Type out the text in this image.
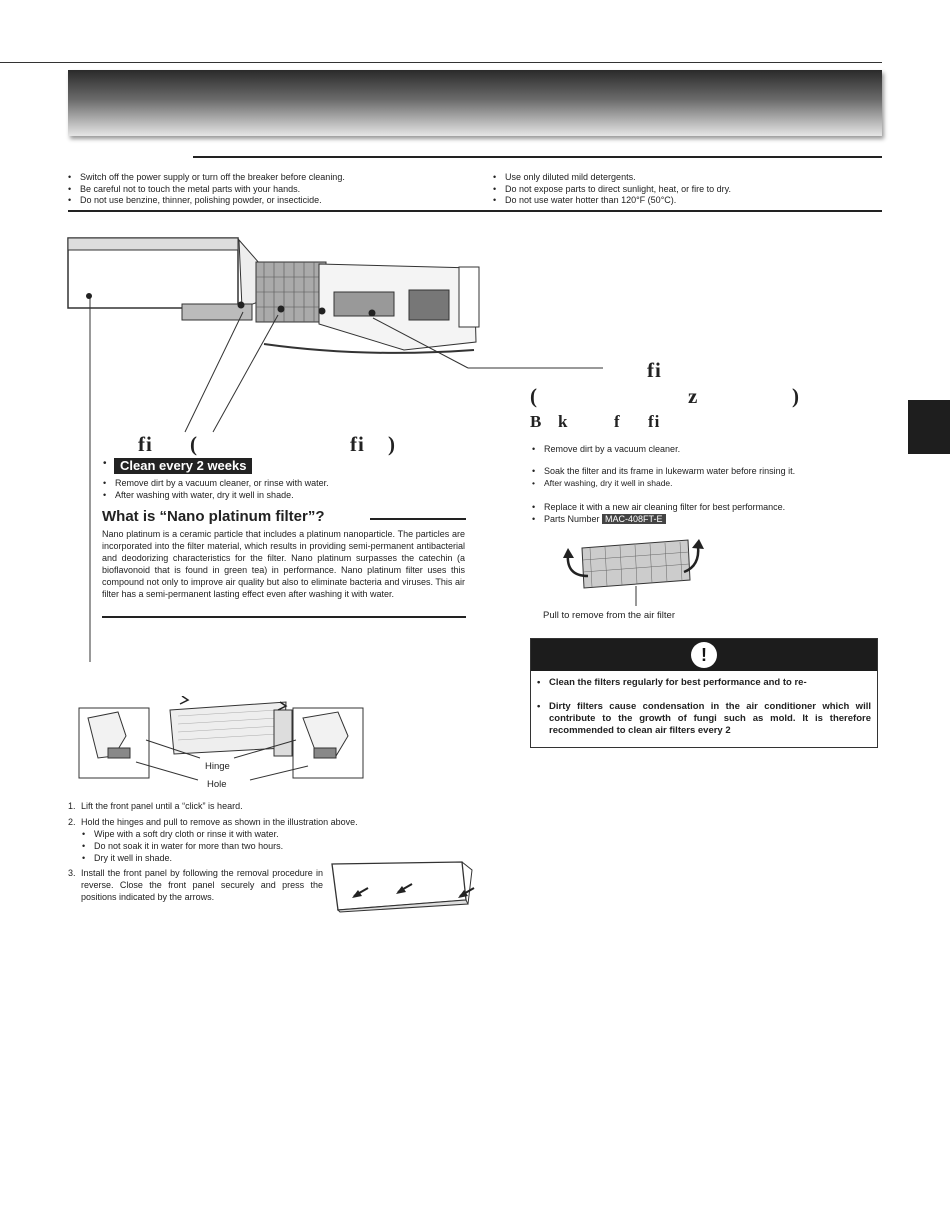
• Switch off the power supply or turn off the breaker before cleaning.
• Be careful not to touch the metal parts with your hands.
• Do not use benzine, thinner, polishing powder, or insecticide.
• Use only diluted mild detergents.
• Do not expose parts to direct sunlight, heat, or fire to dry.
• Do not use water hotter than 120°F (50°C).
fi
(	z	)
B k	f fi
• Remove dirt by a vacuum cleaner.
• Soak the filter and its frame in lukewarm water before rinsing it.
• After washing, dry it well in shade.
• Replace it with a new air cleaning filter for best performance.
• Parts Number MAC-408FT-E
Pull to remove from the air filter
!
• Clean the filters regularly for best performance and to re-
• Dirty filters cause condensation in the air conditioner which will contribute to the growth of fungi such as mold. It is therefore recommended to clean air filters every 2
fi (	fi )
•	Clean every 2 weeks
• Remove dirt by a vacuum cleaner, or rinse with water.
• After washing with water, dry it well in shade.
What is “Nano platinum filter”?
Nano platinum is a ceramic particle that includes a platinum nanoparticle. The particles are incorporated into the filter material, which results in providing semi-permanent antibacterial and deodorizing characteristics for the filter. Nano platinum surpasses the catechin (a bioflavonoid that is found in green tea) in performance. Nano platinum filter uses this compound not only to improve air quality but also to eliminate bacteria and viruses. This air filter has a semi-permanent lasting effect even after washing it with water.
Hinge
Hole
1. Lift the front panel until a “click” is heard.
2. Hold the hinges and pull to remove as shown in the illustration above.
• Wipe with a soft dry cloth or rinse it with water.
• Do not soak it in water for more than two hours.
• Dry it well in shade.
3. Install the front panel by following the removal procedure in reverse. Close the front panel securely and press the positions indicated by the arrows.
